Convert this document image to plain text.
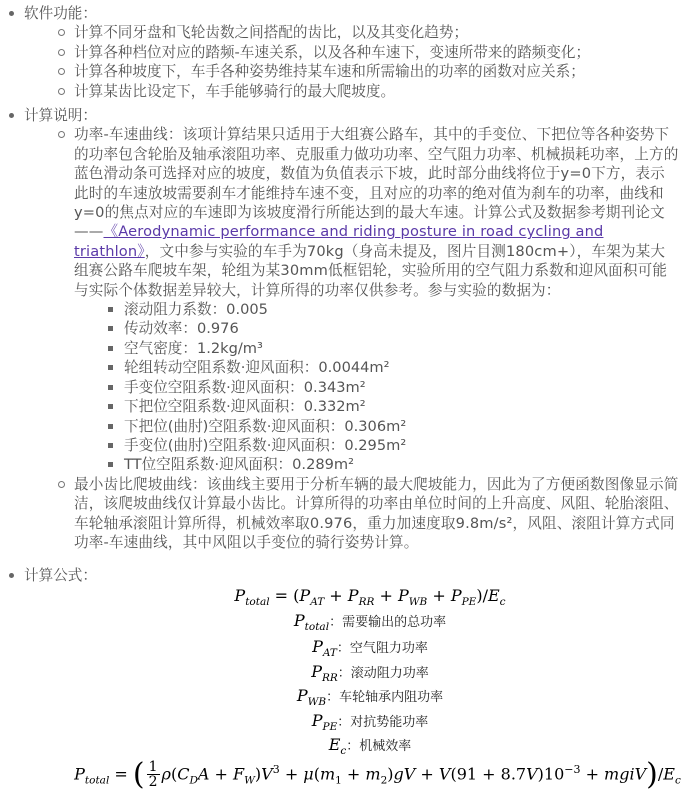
软件功能：
计算不同牙盘和飞轮齿数之间搭配的齿比，以及其变化趋势；
计算各种档位对应的踏频-车速关系，以及各种车速下，变速所带来的踏频变化；
计算各种坡度下，车手各种姿势维持某车速和所需输出的功率的函数对应关系；
计算某齿比设定下，车手能够骑行的最大爬坡度。
计算说明：
功率-车速曲线：该项计算结果只适用于大组赛公路车，其中的手变位、下把位等各种姿势下的功率包含轮胎及轴承滚阻功率、克服重力做功功率、空气阻力功率、机械损耗功率，上方的蓝色滑动条可选择对应的坡度，数值为负值表示下坡，此时部分曲线将位于y=0下方，表示此时的车速放坡需要刹车才能维持车速不变，且对应的功率的绝对值为刹车的功率，曲线和y=0的焦点对应的车速即为该坡度滑行所能达到的最大车速。计算公式及数据参考期刊论文——《Aerodynamic performance and riding posture in road cycling and triathlon》，文中参与实验的车手为70kg（身高未提及，图片目测180cm+），车架为某大组赛公路车爬坡车架，轮组为某30mm低框铝轮，实验所用的空气阻力系数和迎风面积可能与实际个体数据差异较大，计算所得的功率仅供参考。参与实验的数据为：
滚动阻力系数：0.005
传动效率：0.976
空气密度：1.2kg/m³
轮组转动空阻系数·迎风面积：0.0044m²
手变位空阻系数·迎风面积：0.343m²
下把位空阻系数·迎风面积：0.332m²
下把位(曲肘)空阻系数·迎风面积：0.306m²
手变位(曲肘)空阻系数·迎风面积：0.295m²
TT位空阻系数·迎风面积：0.289m²
最小齿比爬坡曲线：该曲线主要用于分析车辆的最大爬坡能力，因此为了方便函数图像显示简洁，该爬坡曲线仅计算最小齿比。计算所得的功率由单位时间的上升高度、风阻、轮胎滚阻、车轮轴承滚阻计算所得，机械效率取0.976，重力加速度取9.8m/s²，风阻、滚阻计算方式同功率-车速曲线，其中风阻以手变位的骑行姿势计算。
计算公式：
$P_{total} = (P_{AT} + P_{RR} + P_{WB} + P_{PE})/E_c$
$P_{total}$：需要输出的总功率
$P_{AT}$：空气阻力功率
$P_{RR}$：滚动阻力功率
$P_{WB}$：车轮轴承内阻功率
$P_{PE}$：对抗势能功率
$E_c$：机械效率
$P_{total}$ = ( $\frac{1}{2} \rho(C_DA + F_W)V^3 + \mu(m_1 + m_2)gV + V(91 + 8.7V)10^{-3}$ + $mgiV)/E_c$
